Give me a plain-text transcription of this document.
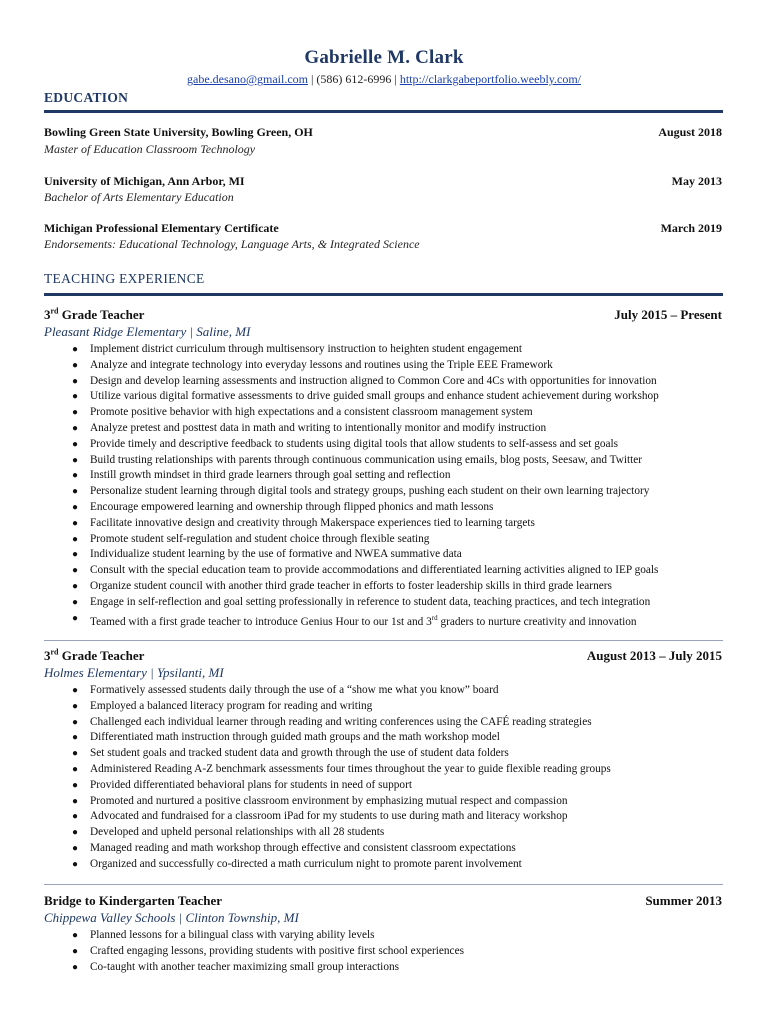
Gabrielle M. Clark
gabe.desano@gmail.com | (586) 612-6996 | http://clarkgabeportfolio.weebly.com/
EDUCATION
Bowling Green State University, Bowling Green, OH	August 2018
Master of Education Classroom Technology
University of Michigan, Ann Arbor, MI	May 2013
Bachelor of Arts Elementary Education
Michigan Professional Elementary Certificate	March 2019
Endorsements: Educational Technology, Language Arts, & Integrated Science
TEACHING EXPERIENCE
3rd Grade Teacher	July 2015 – Present
Pleasant Ridge Elementary | Saline, MI
● Implement district curriculum through multisensory instruction to heighten student engagement
● Analyze and integrate technology into everyday lessons and routines using the Triple EEE Framework
● Design and develop learning assessments and instruction aligned to Common Core and 4Cs with opportunities for innovation
● Utilize various digital formative assessments to drive guided small groups and enhance student achievement during workshop
● Promote positive behavior with high expectations and a consistent classroom management system
● Analyze pretest and posttest data in math and writing to intentionally monitor and modify instruction
● Provide timely and descriptive feedback to students using digital tools that allow students to self-assess and set goals
● Build trusting relationships with parents through continuous communication using emails, blog posts, Seesaw, and Twitter
● Instill growth mindset in third grade learners through goal setting and reflection
● Personalize student learning through digital tools and strategy groups, pushing each student on their own learning trajectory
● Encourage empowered learning and ownership through flipped phonics and math lessons
● Facilitate innovative design and creativity through Makerspace experiences tied to learning targets
● Promote student self-regulation and student choice through flexible seating
● Individualize student learning by the use of formative and NWEA summative data
● Consult with the special education team to provide accommodations and differentiated learning activities aligned to IEP goals
● Organize student council with another third grade teacher in efforts to foster leadership skills in third grade learners
● Engage in self-reflection and goal setting professionally in reference to student data, teaching practices, and tech integration
● Teamed with a first grade teacher to introduce Genius Hour to our 1st and 3rd graders to nurture creativity and innovation
3rd Grade Teacher	August 2013 – July 2015
Holmes Elementary | Ypsilanti, MI
● Formatively assessed students daily through the use of a “show me what you know” board
● Employed a balanced literacy program for reading and writing
● Challenged each individual learner through reading and writing conferences using the CAFÉ reading strategies
● Differentiated math instruction through guided math groups and the math workshop model
● Set student goals and tracked student data and growth through the use of student data folders
● Administered Reading A-Z benchmark assessments four times throughout the year to guide flexible reading groups
● Provided differentiated behavioral plans for students in need of support
● Promoted and nurtured a positive classroom environment by emphasizing mutual respect and compassion
● Advocated and fundraised for a classroom iPad for my students to use during math and literacy workshop
● Developed and upheld personal relationships with all 28 students
● Managed reading and math workshop through effective and consistent classroom expectations
● Organized and successfully co-directed a math curriculum night to promote parent involvement
Bridge to Kindergarten Teacher	Summer 2013
Chippewa Valley Schools | Clinton Township, MI
● Planned lessons for a bilingual class with varying ability levels
● Crafted engaging lessons, providing students with positive first school experiences
● Co-taught with another teacher maximizing small group interactions
